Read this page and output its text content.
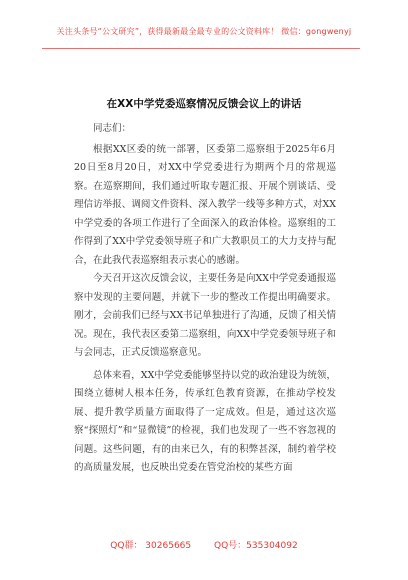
关注头条号“公文研究”，获得最新最全最专业的公文资料库！ 微信：gongwenyj
在XX中学党委巡察情况反馈会议上的讲话

同志们：

根据XX区委的统一部署，区委第二巡察组于2025年6月20日至8月20日，对XX中学党委进行为期两个月的常规巡察。在巡察期间，我们通过听取专题汇报、开展个别谈话、受理信访举报、调阅文件资料、深入教学一线等多种方式，对XX中学党委的各项工作进行了全面深入的政治体检。巡察组的工作得到了XX中学党委领导班子和广大教职员工的大力支持与配合，在此我代表巡察组表示衷心的感谢。

今天召开这次反馈会议，主要任务是向XX中学党委通报巡察中发现的主要问题，并就下一步的整改工作提出明确要求。刚才，会前我们已经与XX书记单独进行了沟通，反馈了相关情况。现在，我代表区委第二巡察组，向XX中学党委领导班子和与会同志，正式反馈巡察意见。

总体来看，XX中学党委能够坚持以党的政治建设为统领，围绕立德树人根本任务，传承红色教育资源，在推动学校发展、提升教学质量方面取得了一定成效。但是，通过这次巡察“探照灯”和“显微镜”的检视，我们也发现了一些不容忽视的问题。这些问题，有的由来已久，有的积弊甚深，制约着学校的高质量发展，也反映出党委在管党治校的某些方面

QQ群： 30265665	QQ号：535304092
